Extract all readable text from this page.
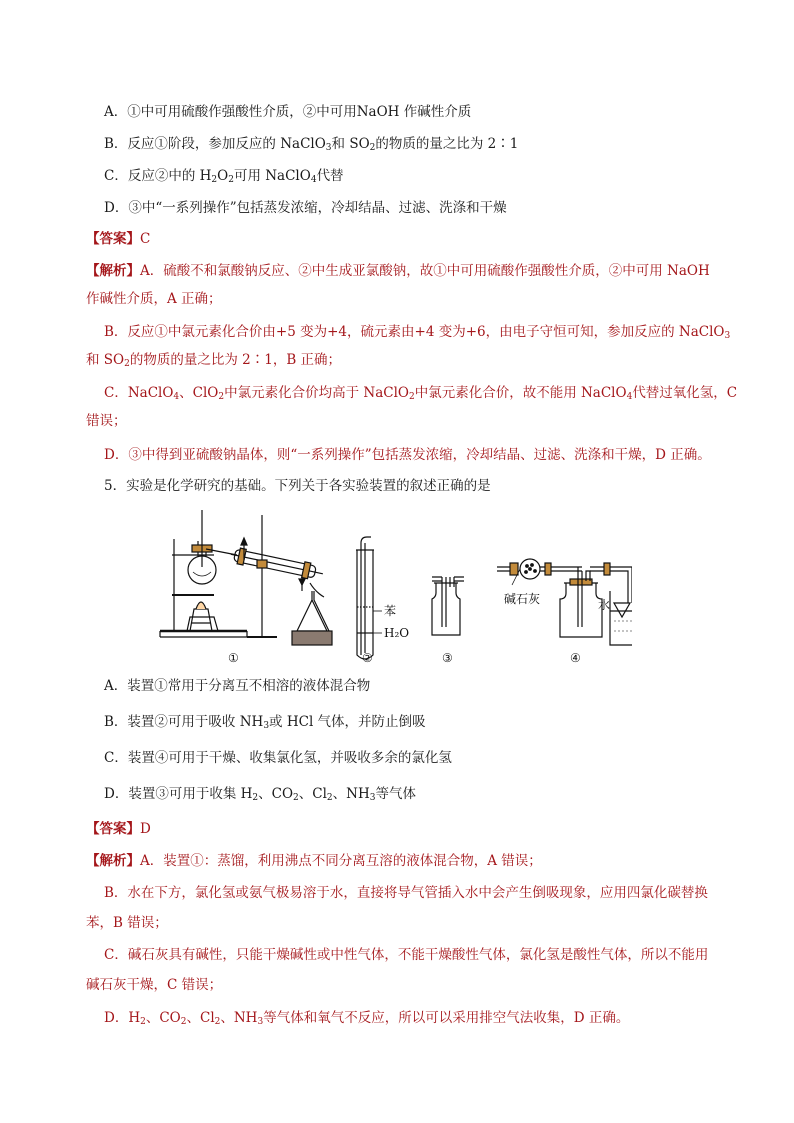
A．①中可用硫酸作强酸性介质，②中可用NaOH 作碱性介质
B．反应①阶段，参加反应的 NaClO$_3$和 $SO_2$的物质的量之比为 2∶1
C．反应②中的 $H_2O_2$可用 NaClO$_4$代替
D．③中“一系列操作”包括蒸发浓缩，冷却结晶、过滤、洗涤和干燥
【答案】C
【解析】A．硫酸不和氯酸钠反应、②中生成亚氯酸钠，故①中可用硫酸作强酸性介质，②中可用 NaOH
作碱性介质，A 正确；
B．反应①中氯元素化合价由+5 变为+4，硫元素由+4 变为+6，由电子守恒可知，参加反应的 NaClO$_3$
和 $SO_2$的物质的量之比为 2∶1，B 正确；
C．NaClO$_4$、ClO$_2$中氯元素化合价均高于 NaClO$_2$中氯元素化合价，故不能用 NaClO$_4$代替过氧化氢，C
错误；
D．③中得到亚硫酸钠晶体，则“一系列操作”包括蒸发浓缩，冷却结晶、过滤、洗涤和干燥，D 正确。
5．实验是化学研究的基础。下列关于各实验装置的叙述正确的是
苯
H₂O
碱石灰	水
①	②	③	④
A．装置①常用于分离互不相溶的液体混合物
B．装置②可用于吸收 $NH_3$或 HCl 气体，并防止倒吸
C．装置④可用于干燥、收集氯化氢，并吸收多余的氯化氢
D．装置③可用于收集 $H_2$、$CO_2$、$Cl_2$、$NH_3$等气体
【答案】D
【解析】A．装置①：蒸馏，利用沸点不同分离互溶的液体混合物，A 错误；
B．水在下方，氯化氢或氨气极易溶于水，直接将导气管插入水中会产生倒吸现象，应用四氯化碳替换
苯，B 错误；
C．碱石灰具有碱性，只能干燥碱性或中性气体，不能干燥酸性气体，氯化氢是酸性气体，所以不能用
碱石灰干燥，C 错误；
D．$H_2$、$CO_2$、$Cl_2$、$NH_3$等气体和氧气不反应，所以可以采用排空气法收集，D 正确。
